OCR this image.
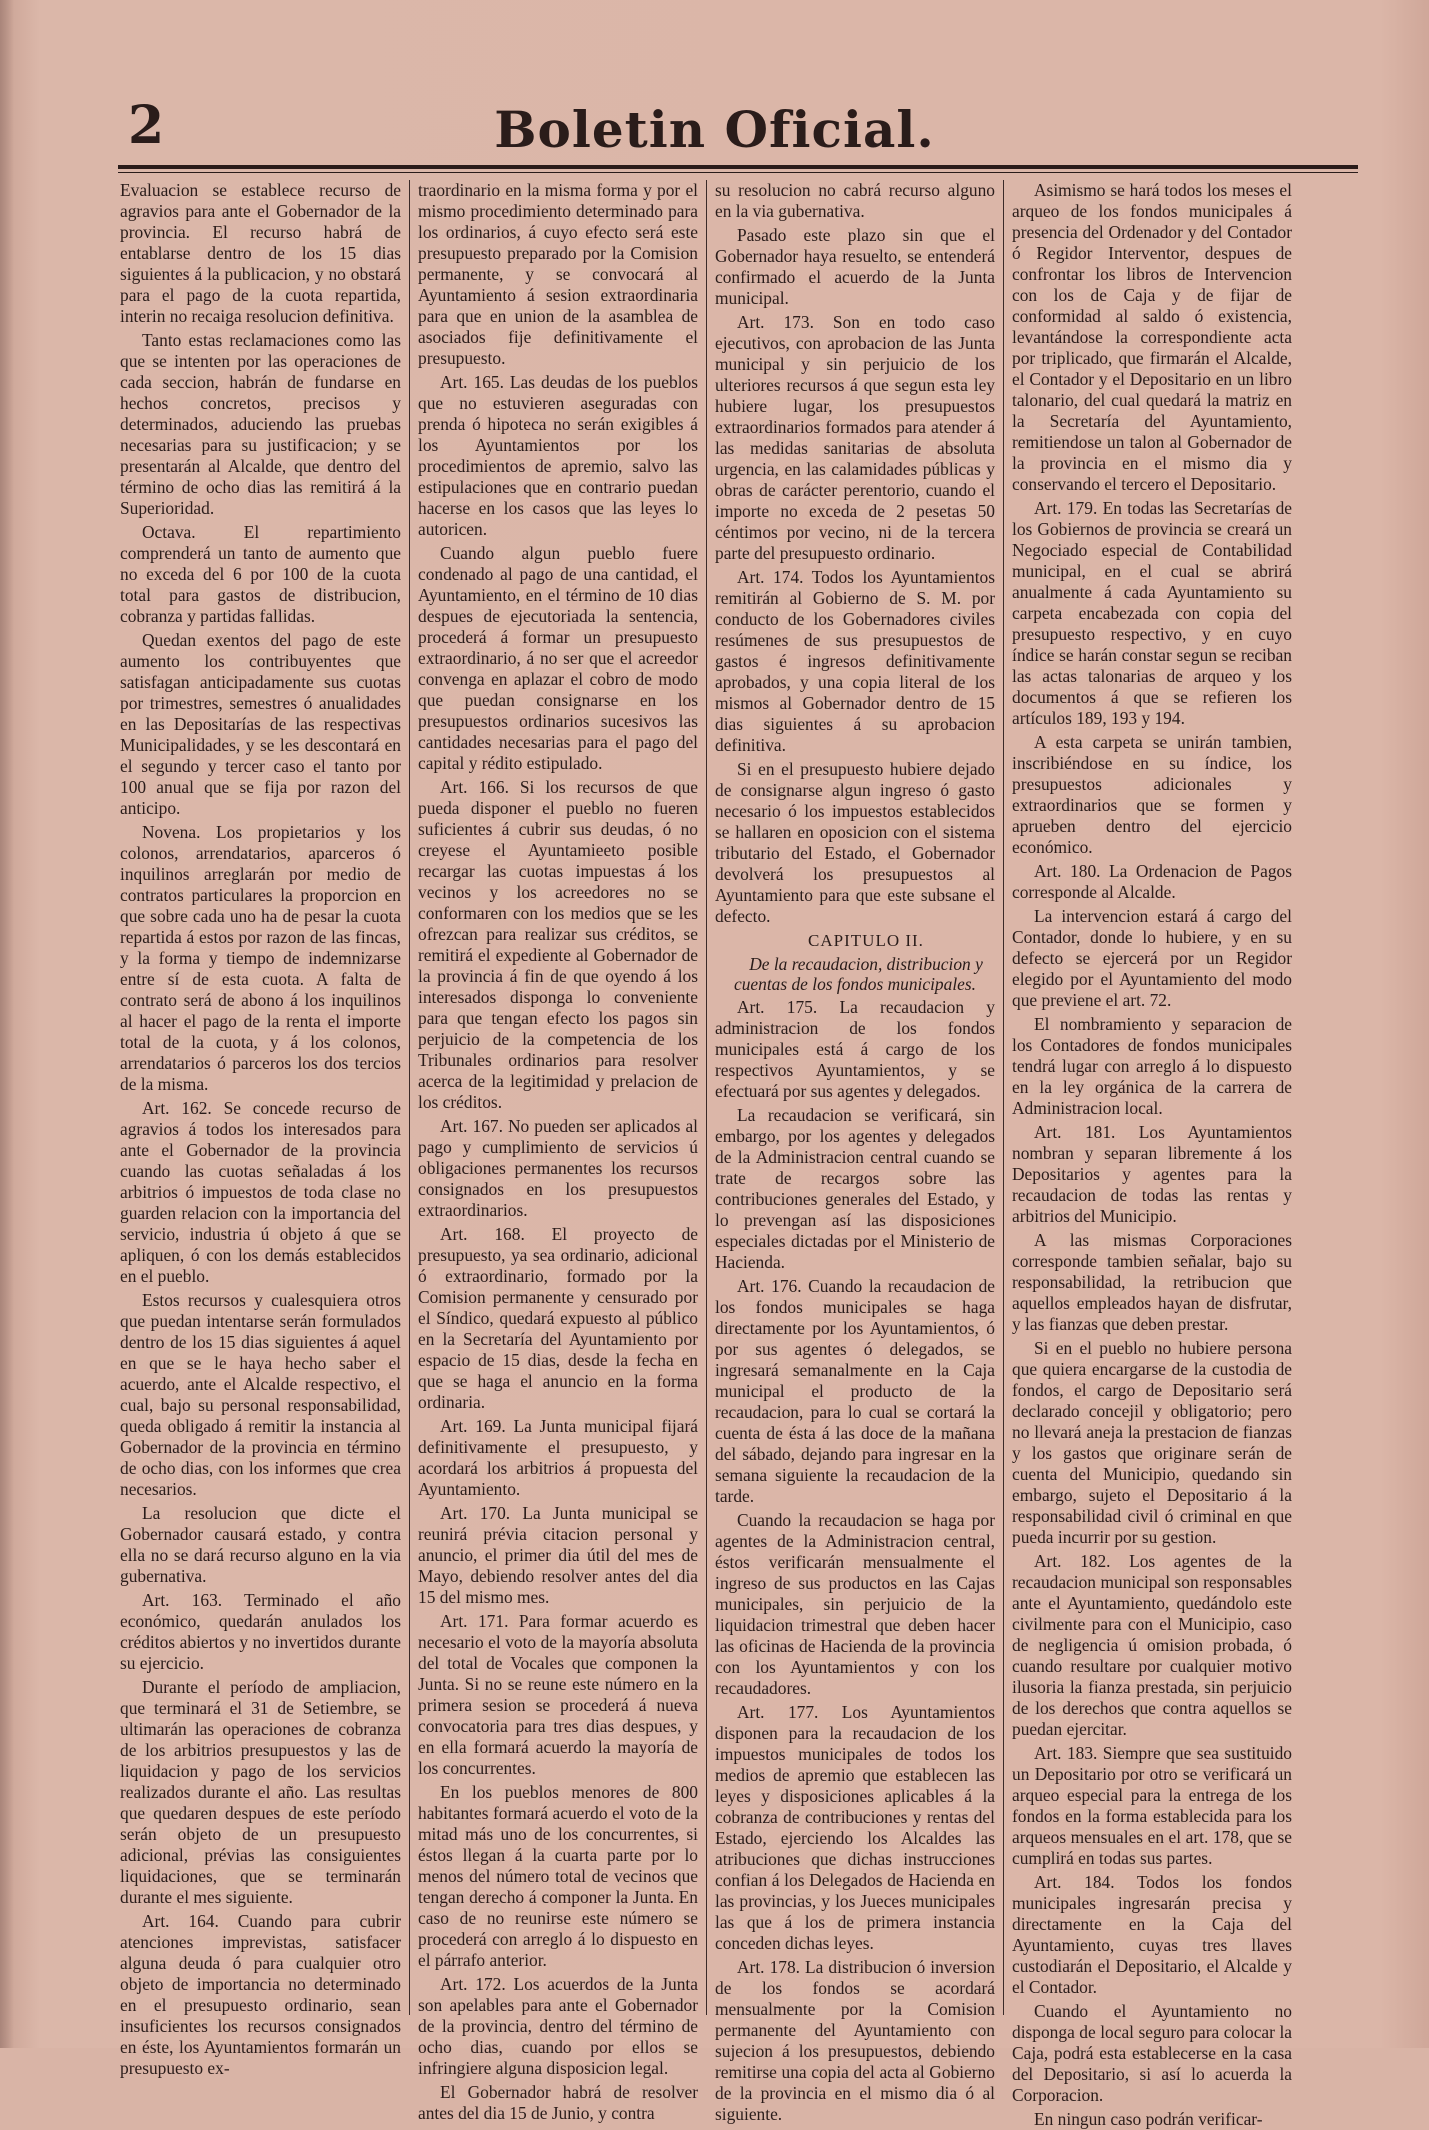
2	Boletin Oficial.

Evaluacion se establece recurso de agravios para ante el Gobernador de la provincia. El recurso habrá de entablarse dentro de los 15 dias siguientes á la publicacion, y no obstará para el pago de la cuota repartida, interin no recaiga resolucion definitiva.

Tanto estas reclamaciones como las que se intenten por las operaciones de cada seccion, habrán de fundarse en hechos concretos, precisos y determinados, aduciendo las pruebas necesarias para su justificacion; y se presentarán al Alcalde, que dentro del término de ocho dias las remitirá á la Superioridad.

Octava. El repartimiento comprenderá un tanto de aumento que no exceda del 6 por 100 de la cuota total para gastos de distribucion, cobranza y partidas fallidas.

Quedan exentos del pago de este aumento los contribuyentes que satisfagan anticipadamente sus cuotas por trimestres, semestres ó anualidades en las Depositarías de las respectivas Municipalidades, y se les descontará en el segundo y tercer caso el tanto por 100 anual que se fija por razon del anticipo.

Novena. Los propietarios y los colonos, arrendatarios, aparceros ó inquilinos arreglarán por medio de contratos particulares la proporcion en que sobre cada uno ha de pesar la cuota repartida á estos por razon de las fincas, y la forma y tiempo de indemnizarse entre sí de esta cuota. A falta de contrato será de abono á los inquilinos al hacer el pago de la renta el importe total de la cuota, y á los colonos, arrendatarios ó parceros los dos tercios de la misma.

Art. 162. Se concede recurso de agravios á todos los interesados para ante el Gobernador de la provincia cuando las cuotas señaladas á los arbitrios ó impuestos de toda clase no guarden relacion con la importancia del servicio, industria ú objeto á que se apliquen, ó con los demás establecidos en el pueblo.

Estos recursos y cualesquiera otros que puedan intentarse serán formulados dentro de los 15 dias siguientes á aquel en que se le haya hecho saber el acuerdo, ante el Alcalde respectivo, el cual, bajo su personal responsabilidad, queda obligado á remitir la instancia al Gobernador de la provincia en término de ocho dias, con los informes que crea necesarios.

La resolucion que dicte el Gobernador causará estado, y contra ella no se dará recurso alguno en la via gubernativa.

Art. 163. Terminado el año económico, quedarán anulados los créditos abiertos y no invertidos durante su ejercicio.

Durante el período de ampliacion, que terminará el 31 de Setiembre, se ultimarán las operaciones de cobranza de los arbitrios presupuestos y las de liquidacion y pago de los servicios realizados durante el año. Las resultas que quedaren despues de este período serán objeto de un presupuesto adicional, prévias las consiguientes liquidaciones, que se terminarán durante el mes siguiente.

Art. 164. Cuando para cubrir atenciones imprevistas, satisfacer alguna deuda ó para cualquier otro objeto de importancia no determinado en el presupuesto ordinario, sean insuficientes los recursos consignados en éste, los Ayuntamientos formarán un presupuesto ex-

traordinario en la misma forma y por el mismo procedimiento determinado para los ordinarios, á cuyo efecto será este presupuesto preparado por la Comision permanente, y se convocará al Ayuntamiento á sesion extraordinaria para que en union de la asamblea de asociados fije definitivamente el presupuesto.

Art. 165. Las deudas de los pueblos que no estuvieren aseguradas con prenda ó hipoteca no serán exigibles á los Ayuntamientos por los procedimientos de apremio, salvo las estipulaciones que en contrario puedan hacerse en los casos que las leyes lo autoricen.

Cuando algun pueblo fuere condenado al pago de una cantidad, el Ayuntamiento, en el término de 10 dias despues de ejecutoriada la sentencia, procederá á formar un presupuesto extraordinario, á no ser que el acreedor convenga en aplazar el cobro de modo que puedan consignarse en los presupuestos ordinarios sucesivos las cantidades necesarias para el pago del capital y rédito estipulado.

Art. 166. Si los recursos de que pueda disponer el pueblo no fueren suficientes á cubrir sus deudas, ó no creyese el Ayuntamieeto posible recargar las cuotas impuestas á los vecinos y los acreedores no se conformaren con los medios que se les ofrezcan para realizar sus créditos, se remitirá el expediente al Gobernador de la provincia á fin de que oyendo á los interesados disponga lo conveniente para que tengan efecto los pagos sin perjuicio de la competencia de los Tribunales ordinarios para resolver acerca de la legitimidad y prelacion de los créditos.

Art. 167. No pueden ser aplicados al pago y cumplimiento de servicios ú obligaciones permanentes los recursos consignados en los presupuestos extraordinarios.

Art. 168. El proyecto de presupuesto, ya sea ordinario, adicional ó extraordinario, formado por la Comision permanente y censurado por el Síndico, quedará expuesto al público en la Secretaría del Ayuntamiento por espacio de 15 dias, desde la fecha en que se haga el anuncio en la forma ordinaria.

Art. 169. La Junta municipal fijará definitivamente el presupuesto, y acordará los arbitrios á propuesta del Ayuntamiento.

Art. 170. La Junta municipal se reunirá prévia citacion personal y anuncio, el primer dia útil del mes de Mayo, debiendo resolver antes del dia 15 del mismo mes.

Art. 171. Para formar acuerdo es necesario el voto de la mayoría absoluta del total de Vocales que componen la Junta. Si no se reune este número en la primera sesion se procederá á nueva convocatoria para tres dias despues, y en ella formará acuerdo la mayoría de los concurrentes.

En los pueblos menores de 800 habitantes formará acuerdo el voto de la mitad más uno de los concurrentes, si éstos llegan á la cuarta parte por lo menos del número total de vecinos que tengan derecho á componer la Junta. En caso de no reunirse este número se procederá con arreglo á lo dispuesto en el párrafo anterior.

Art. 172. Los acuerdos de la Junta son apelables para ante el Gobernador de la provincia, dentro del término de ocho dias, cuando por ellos se infringiere alguna disposicion legal.

El Gobernador habrá de resolver antes del dia 15 de Junio, y contra

su resolucion no cabrá recurso alguno en la via gubernativa.

Pasado este plazo sin que el Gobernador haya resuelto, se entenderá confirmado el acuerdo de la Junta municipal.

Art. 173. Son en todo caso ejecutivos, con aprobacion de las Junta municipal y sin perjuicio de los ulteriores recursos á que segun esta ley hubiere lugar, los presupuestos extraordinarios formados para atender á las medidas sanitarias de absoluta urgencia, en las calamidades públicas y obras de carácter perentorio, cuando el importe no exceda de 2 pesetas 50 céntimos por vecino, ni de la tercera parte del presupuesto ordinario.

Art. 174. Todos los Ayuntamientos remitirán al Gobierno de S. M. por conducto de los Gobernadores civiles resúmenes de sus presupuestos de gastos é ingresos definitivamente aprobados, y una copia literal de los mismos al Gobernador dentro de 15 dias siguientes á su aprobacion definitiva.

Si en el presupuesto hubiere dejado de consignarse algun ingreso ó gasto necesario ó los impuestos establecidos se hallaren en oposicion con el sistema tributario del Estado, el Gobernador devolverá los presupuestos al Ayuntamiento para que este subsane el defecto.

CAPITULO II.

De la recaudacion, distribucion y cuentas de los fondos municipales.

Art. 175. La recaudacion y administracion de los fondos municipales está á cargo de los respectivos Ayuntamientos, y se efectuará por sus agentes y delegados.

La recaudacion se verificará, sin embargo, por los agentes y delegados de la Administracion central cuando se trate de recargos sobre las contribuciones generales del Estado, y lo prevengan así las disposiciones especiales dictadas por el Ministerio de Hacienda.

Art. 176. Cuando la recaudacion de los fondos municipales se haga directamente por los Ayuntamientos, ó por sus agentes ó delegados, se ingresará semanalmente en la Caja municipal el producto de la recaudacion, para lo cual se cortará la cuenta de ésta á las doce de la mañana del sábado, dejando para ingresar en la semana siguiente la recaudacion de la tarde.

Cuando la recaudacion se haga por agentes de la Administracion central, éstos verificarán mensualmente el ingreso de sus productos en las Cajas municipales, sin perjuicio de la liquidacion trimestral que deben hacer las oficinas de Hacienda de la provincia con los Ayuntamientos y con los recaudadores.

Art. 177. Los Ayuntamientos disponen para la recaudacion de los impuestos municipales de todos los medios de apremio que establecen las leyes y disposiciones aplicables á la cobranza de contribuciones y rentas del Estado, ejerciendo los Alcaldes las atribuciones que dichas instrucciones confian á los Delegados de Hacienda en las provincias, y los Jueces municipales las que á los de primera instancia conceden dichas leyes.

Art. 178. La distribucion ó inversion de los fondos se acordará mensualmente por la Comision permanente del Ayuntamiento con sujecion á los presupuestos, debiendo remitirse una copia del acta al Gobierno de la provincia en el mismo dia ó al siguiente.

Asimismo se hará todos los meses el arqueo de los fondos municipales á presencia del Ordenador y del Contador ó Regidor Interventor, despues de confrontar los libros de Intervencion con los de Caja y de fijar de conformidad al saldo ó existencia, levantándose la correspondiente acta por triplicado, que firmarán el Alcalde, el Contador y el Depositario en un libro talonario, del cual quedará la matriz en la Secretaría del Ayuntamiento, remitiendose un talon al Gobernador de la provincia en el mismo dia y conservando el tercero el Depositario.

Art. 179. En todas las Secretarías de los Gobiernos de provincia se creará un Negociado especial de Contabilidad municipal, en el cual se abrirá anualmente á cada Ayuntamiento su carpeta encabezada con copia del presupuesto respectivo, y en cuyo índice se harán constar segun se reciban las actas talonarias de arqueo y los documentos á que se refieren los artículos 189, 193 y 194.

A esta carpeta se unirán tambien, inscribiéndose en su índice, los presupuestos adicionales y extraordinarios que se formen y aprueben dentro del ejercicio económico.

Art. 180. La Ordenacion de Pagos corresponde al Alcalde.

La intervencion estará á cargo del Contador, donde lo hubiere, y en su defecto se ejercerá por un Regidor elegido por el Ayuntamiento del modo que previene el art. 72.

El nombramiento y separacion de los Contadores de fondos municipales tendrá lugar con arreglo á lo dispuesto en la ley orgánica de la carrera de Administracion local.

Art. 181. Los Ayuntamientos nombran y separan libremente á los Depositarios y agentes para la recaudacion de todas las rentas y arbitrios del Municipio.

A las mismas Corporaciones corresponde tambien señalar, bajo su responsabilidad, la retribucion que aquellos empleados hayan de disfrutar, y las fianzas que deben prestar.

Si en el pueblo no hubiere persona que quiera encargarse de la custodia de fondos, el cargo de Depositario será declarado concejil y obligatorio; pero no llevará aneja la prestacion de fianzas y los gastos que originare serán de cuenta del Municipio, quedando sin embargo, sujeto el Depositario á la responsabilidad civil ó criminal en que pueda incurrir por su gestion.

Art. 182. Los agentes de la recaudacion municipal son responsables ante el Ayuntamiento, quedándolo este civilmente para con el Municipio, caso de negligencia ú omision probada, ó cuando resultare por cualquier motivo ilusoria la fianza prestada, sin perjuicio de los derechos que contra aquellos se puedan ejercitar.

Art. 183. Siempre que sea sustituido un Depositario por otro se verificará un arqueo especial para la entrega de los fondos en la forma establecida para los arqueos mensuales en el art. 178, que se cumplirá en todas sus partes.

Art. 184. Todos los fondos municipales ingresarán precisa y directamente en la Caja del Ayuntamiento, cuyas tres llaves custodiarán el Depositario, el Alcalde y el Contador.

Cuando el Ayuntamiento no disponga de local seguro para colocar la Caja, podrá esta establecerse en la casa del Depositario, si así lo acuerda la Corporacion.

En ningun caso podrán verificar-
